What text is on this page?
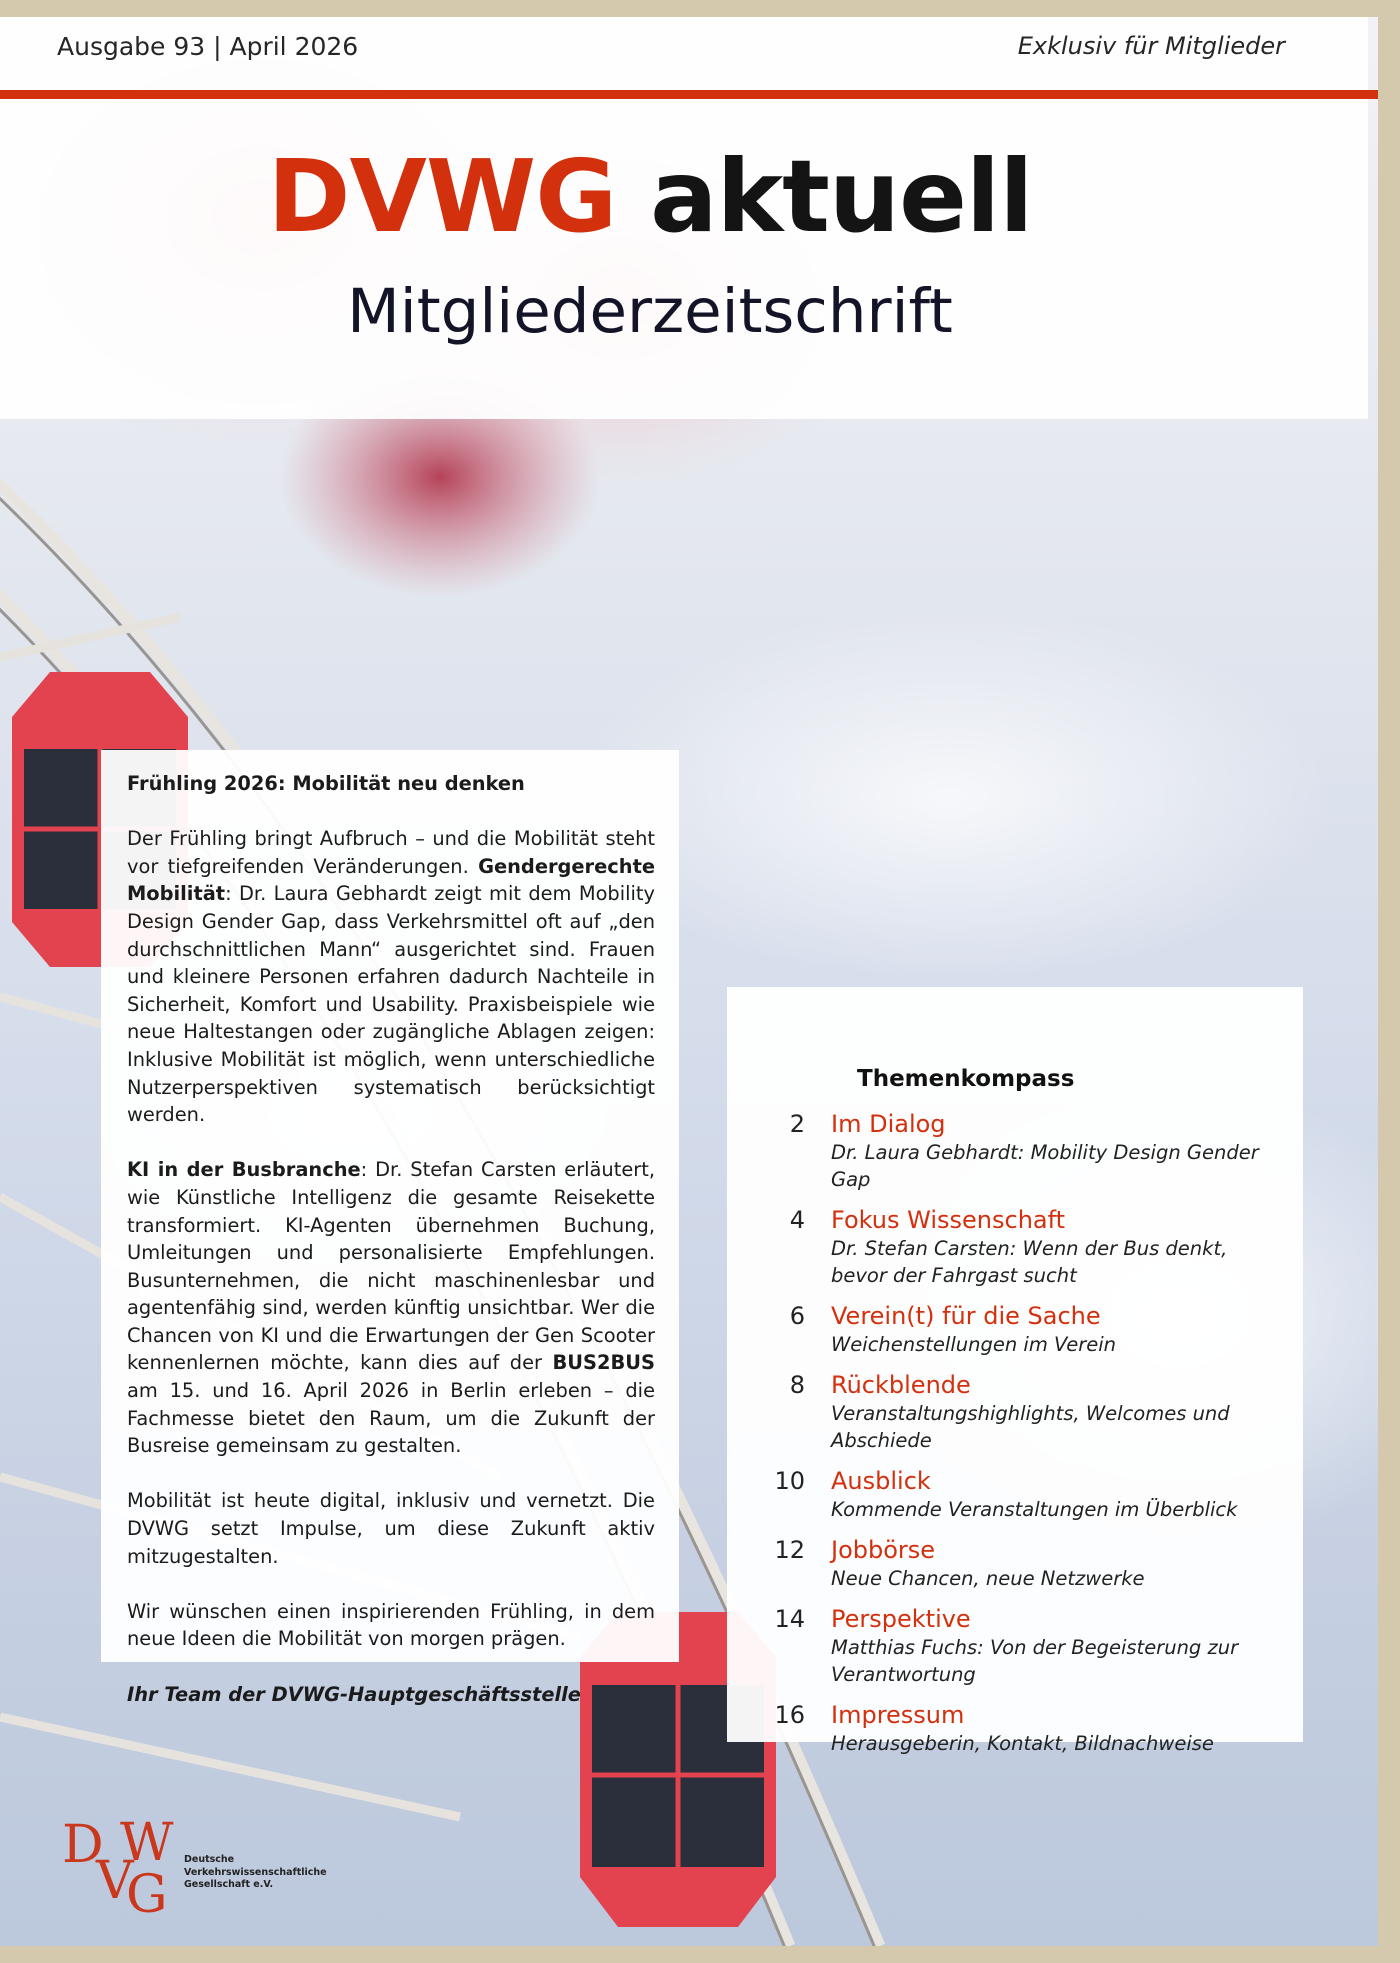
Ausgabe 93 | April 2026	Exklusiv für Mitglieder
DVWG aktuell
Mitgliederzeitschrift

Frühling 2026: Mobilität neu denken

Der Frühling bringt Aufbruch – und die Mobilität steht vor tiefgreifenden Veränderungen. Gendergerechte Mobilität: Dr. Laura Gebhardt zeigt mit dem Mobility Design Gender Gap, dass Verkehrsmittel oft auf „den durchschnittlichen Mann“ ausgerichtet sind. Frauen und kleinere Personen erfahren dadurch Nachteile in Sicherheit, Komfort und Usability. Praxisbeispiele wie neue Haltestangen oder zugängliche Ablagen zeigen: Inklusive Mobilität ist möglich, wenn unterschiedliche Nutzerperspektiven systematisch berücksichtigt werden.

KI in der Busbranche: Dr. Stefan Carsten erläutert, wie Künstliche Intelligenz die gesamte Reisekette transformiert. KI-Agenten übernehmen Buchung, Umleitungen und personalisierte Empfehlungen. Busunternehmen, die nicht maschinenlesbar und agentenfähig sind, werden künftig unsichtbar. Wer die Chancen von KI und die Erwartungen der Gen Scooter kennenlernen möchte, kann dies auf der BUS2BUS am 15. und 16. April 2026 in Berlin erleben – die Fachmesse bietet den Raum, um die Zukunft der Busreise gemeinsam zu gestalten.

Mobilität ist heute digital, inklusiv und vernetzt. Die DVWG setzt Impulse, um diese Zukunft aktiv mitzugestalten.

Wir wünschen einen inspirierenden Frühling, in dem neue Ideen die Mobilität von morgen prägen.

Ihr Team der DVWG-Hauptgeschäftsstelle

Themenkompass
2	Im Dialog
Dr. Laura Gebhardt: Mobility Design Gender Gap
4	Fokus Wissenschaft
Dr. Stefan Carsten: Wenn der Bus denkt, bevor der Fahrgast sucht
6	Verein(t) für die Sache
Weichenstellungen im Verein
8	Rückblende
Veranstaltungshighlights, Welcomes und Abschiede
10	Ausblick
Kommende Veranstaltungen im Überblick
12	Jobbörse
Neue Chancen, neue Netzwerke
14	Perspektive
Matthias Fuchs: Von der Begeisterung zur Verantwortung
16	Impressum
Herausgeberin, Kontakt, Bildnachweise
D
V
W
G
Deutsche
Verkehrswissenschaftliche
Gesellschaft e.V.
